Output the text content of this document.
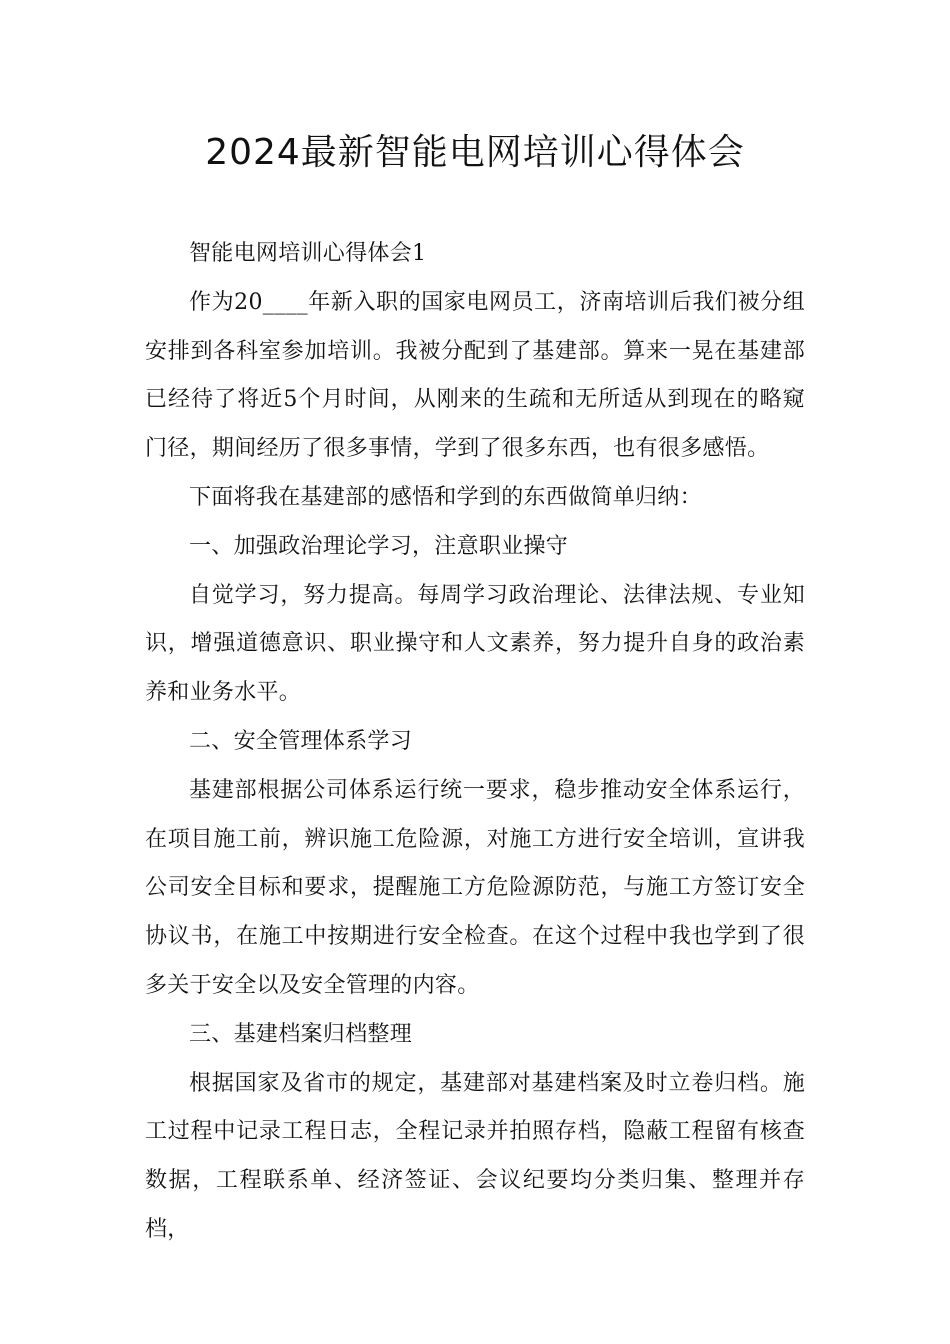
2024最新智能电网培训心得体会

智能电网培训心得体会1

作为20____年新入职的国家电网员工，济南培训后我们被分组安排到各科室参加培训。我被分配到了基建部。算来一晃在基建部已经待了将近5个月时间，从刚来的生疏和无所适从到现在的略窥门径，期间经历了很多事情，学到了很多东西，也有很多感悟。

下面将我在基建部的感悟和学到的东西做简单归纳：

一、加强政治理论学习，注意职业操守

自觉学习，努力提高。每周学习政治理论、法律法规、专业知识，增强道德意识、职业操守和人文素养，努力提升自身的政治素养和业务水平。

二、安全管理体系学习

基建部根据公司体系运行统一要求，稳步推动安全体系运行，在项目施工前，辨识施工危险源，对施工方进行安全培训，宣讲我公司安全目标和要求，提醒施工方危险源防范，与施工方签订安全协议书，在施工中按期进行安全检查。在这个过程中我也学到了很多关于安全以及安全管理的内容。

三、基建档案归档整理

根据国家及省市的规定，基建部对基建档案及时立卷归档。施工过程中记录工程日志，全程记录并拍照存档，隐蔽工程留有核查数据，工程联系单、经济签证、会议纪要均分类归集、整理并存档，
